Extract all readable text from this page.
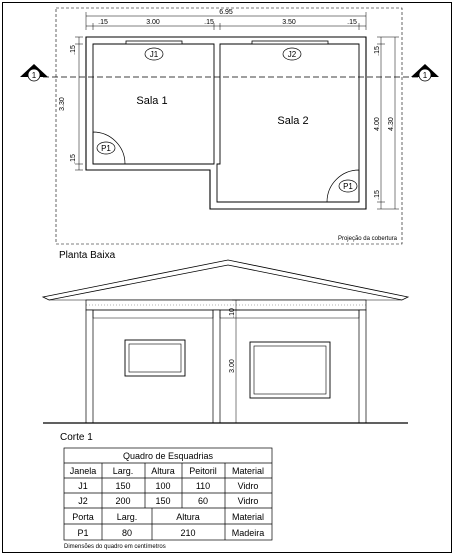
Projeção da cobertura
1	1
Sala 1
Sala 2
J1	J2
P1
P1
6.95
.15	3.00	.15	3.50	.15
.15
3.30
.15
.15
4.00 4.30
.15
Planta Baixa
.10
3.00
Corte 1
Quadro de Esquadrias
Janela Larg. Altura Peitoril Material
J1	150	100	110	Vidro
J2	200	150	60	Vidro
Porta	Larg.	Altura	Material
P1	80	210	Madeira
Dimensões do quadro em centímetros
